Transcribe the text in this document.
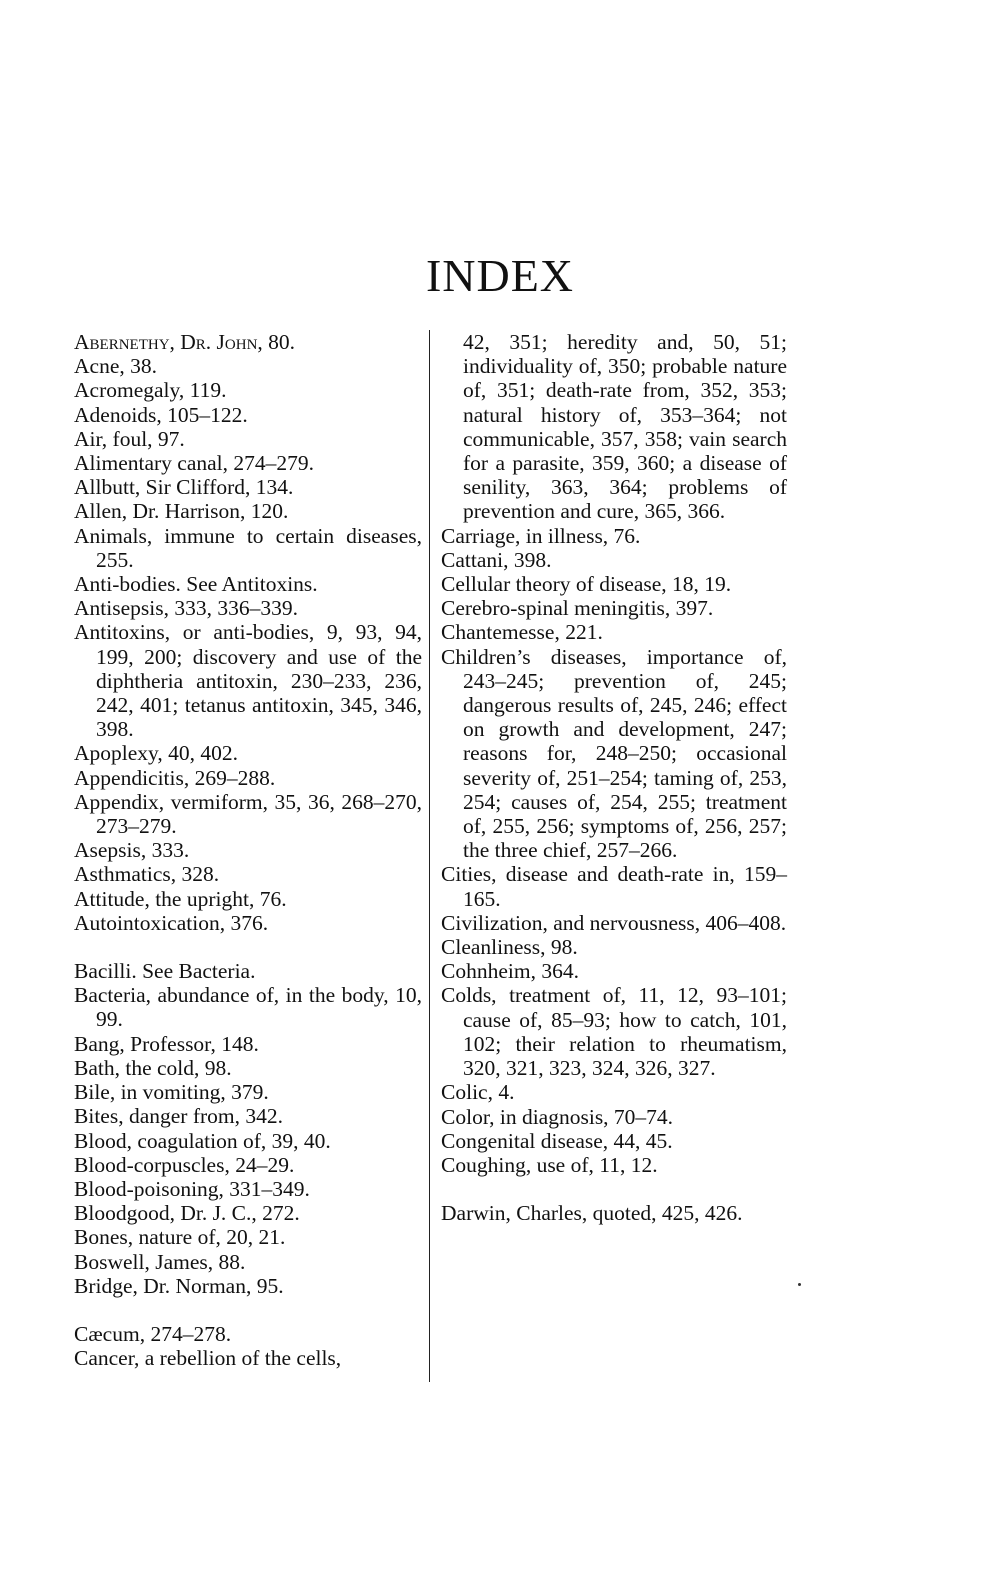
INDEX

Abernethy, Dr. John, 80.

Acne, 38.

Acromegaly, 119.

Adenoids, 105–122.

Air, foul, 97.

Alimentary canal, 274–279.

Allbutt, Sir Clifford, 134.

Allen, Dr. Harrison, 120.

Animals, immune to certain diseases, 255.

Anti-bodies. See Antitoxins.

Antisepsis, 333, 336–339.

Antitoxins, or anti-bodies, 9, 93, 94, 199, 200; discovery and use of the diphtheria antitoxin, 230–233, 236, 242, 401; tetanus antitoxin, 345, 346, 398.

Apoplexy, 40, 402.

Appendicitis, 269–288.

Appendix, vermiform, 35, 36, 268–270, 273–279.

Asepsis, 333.

Asthmatics, 328.

Attitude, the upright, 76.

Autointoxication, 376.

Bacilli. See Bacteria.

Bacteria, abundance of, in the body, 10, 99.

Bang, Professor, 148.

Bath, the cold, 98.

Bile, in vomiting, 379.

Bites, danger from, 342.

Blood, coagulation of, 39, 40.

Blood-corpuscles, 24–29.

Blood-poisoning, 331–349.

Bloodgood, Dr. J. C., 272.

Bones, nature of, 20, 21.

Boswell, James, 88.

Bridge, Dr. Norman, 95.

Cæcum, 274–278.

Cancer, a rebellion of the cells,

42, 351; heredity and, 50, 51; individuality of, 350; probable nature of, 351; death-rate from, 352, 353; natural history of, 353–364; not communicable, 357, 358; vain search for a parasite, 359, 360; a disease of senility, 363, 364; problems of prevention and cure, 365, 366.

Carriage, in illness, 76.

Cattani, 398.

Cellular theory of disease, 18, 19.

Cerebro-spinal meningitis, 397.

Chantemesse, 221.

Children’s diseases, importance of, 243–245; prevention of, 245; dangerous results of, 245, 246; effect on growth and development, 247; reasons for, 248–250; occasional severity of, 251–254; taming of, 253, 254; causes of, 254, 255; treatment of, 255, 256; symptoms of, 256, 257; the three chief, 257–266.

Cities, disease and death-rate in, 159–165.

Civilization, and nervousness, 406–408.

Cleanliness, 98.

Cohnheim, 364.

Colds, treatment of, 11, 12, 93–101; cause of, 85–93; how to catch, 101, 102; their relation to rheumatism, 320, 321, 323, 324, 326, 327.

Colic, 4.

Color, in diagnosis, 70–74.

Congenital disease, 44, 45.

Coughing, use of, 11, 12.

Darwin, Charles, quoted, 425, 426.
